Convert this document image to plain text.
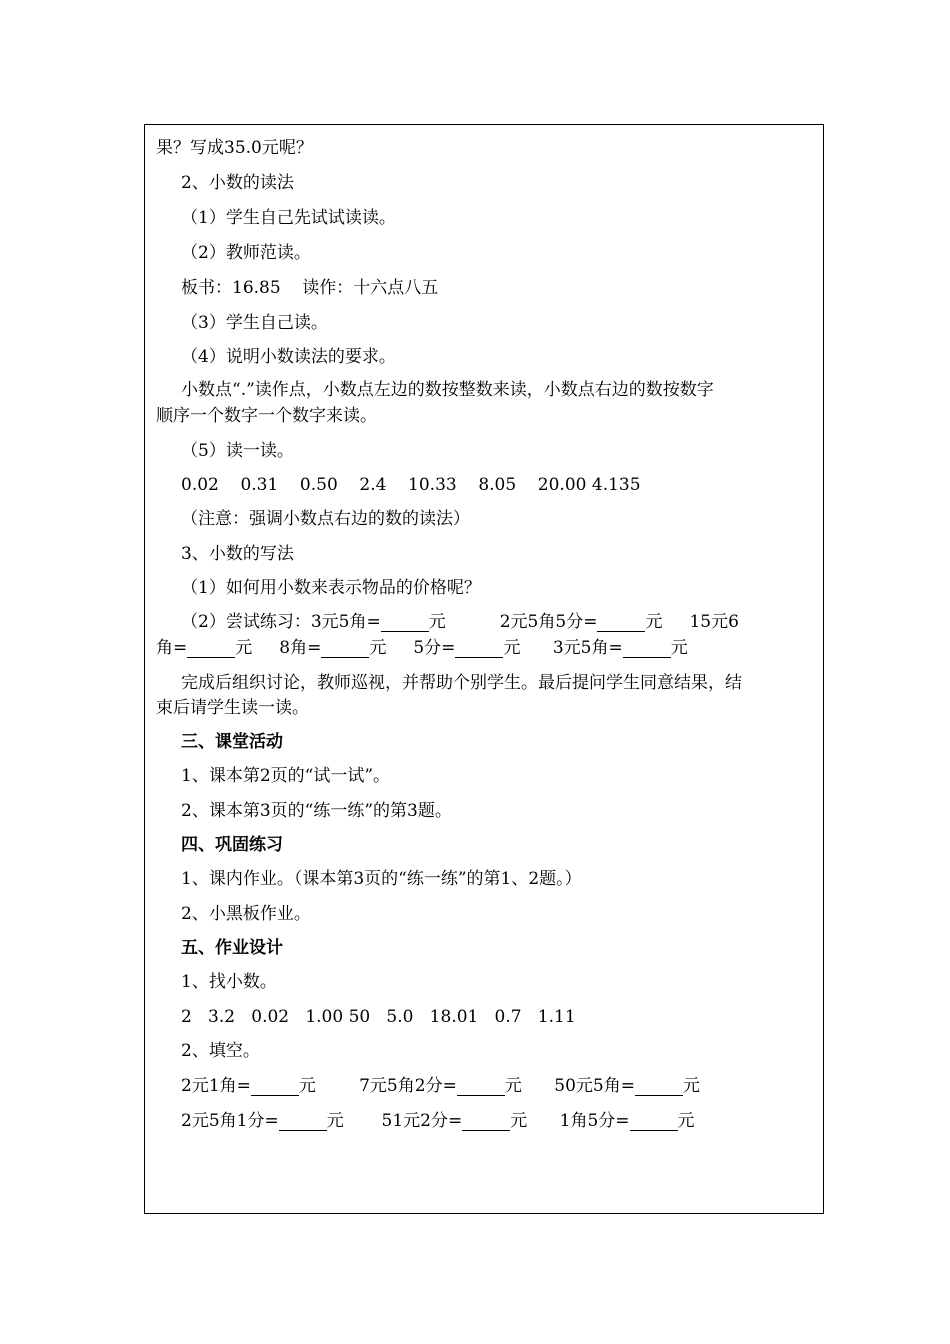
果？写成35.0元呢？
2、小数的读法
（1）学生自己先试试读读。
（2）教师范读。
板书：16.85    读作：十六点八五
（3）学生自己读。
（4）说明小数读法的要求。
小数点“.”读作点，小数点左边的数按整数来读，小数点右边的数按数字
顺序一个数字一个数字来读。
（5）读一读。
0.02    0.31    0.50    2.4    10.33    8.05    20.00 4.135
（注意：强调小数点右边的数的读法）
3、小数的写法
（1）如何用小数来表示物品的价格呢？
（2）尝试练习：3元5角=	元          2元5角5分=	元     15元6
角=	元     8角=	元     5分=	元      3元5角=	元
完成后组织讨论，教师巡视，并帮助个别学生。最后提问学生同意结果，结
束后请学生读一读。
三、课堂活动
1、课本第2页的“试一试”。
2、课本第3页的“练一练”的第3题。
四、巩固练习
1、课内作业。（课本第3页的“练一练”的第1、2题。）
2、小黑板作业。
五、作业设计
1、找小数。
2   3.2   0.02   1.00 50   5.0   18.01   0.7   1.11
2、填空。
2元1角=	元        7元5角2分=	元      50元5角=	元
2元5角1分=	元       51元2分=	元      1角5分=	元
